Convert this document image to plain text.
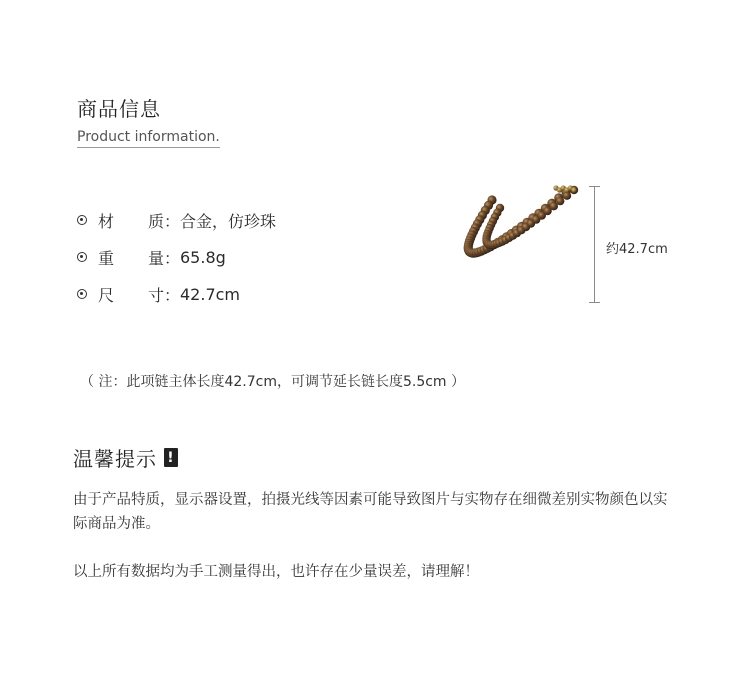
商品信息
Product information.
材 质： 合金，仿珍珠
重 量： 65.8g
尺 寸： 42.7cm
约42.7cm
（ 注：此项链主体长度42.7cm，可调节延长链长度5.5cm ）
温馨提示 !
由于产品特质，显示器设置，拍摄光线等因素可能导致图片与实物存在细微差别实物颜色以实际商品为准。
以上所有数据均为手工测量得出，也许存在少量误差，请理解！
